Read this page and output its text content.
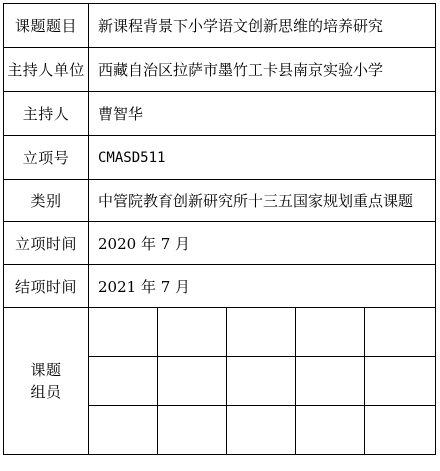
课题题目	新课程背景下小学语文创新思维的培养研究				
主持人单位	西藏自治区拉萨市墨竹工卡县南京实验小学				
主持人	曹智华				
立项号	CMASD511				
类别	中管院教育创新研究所十三五国家规划重点课题				
立项时间	2020 年 7 月				
结项时间	2021 年 7 月				

课题
组员					
